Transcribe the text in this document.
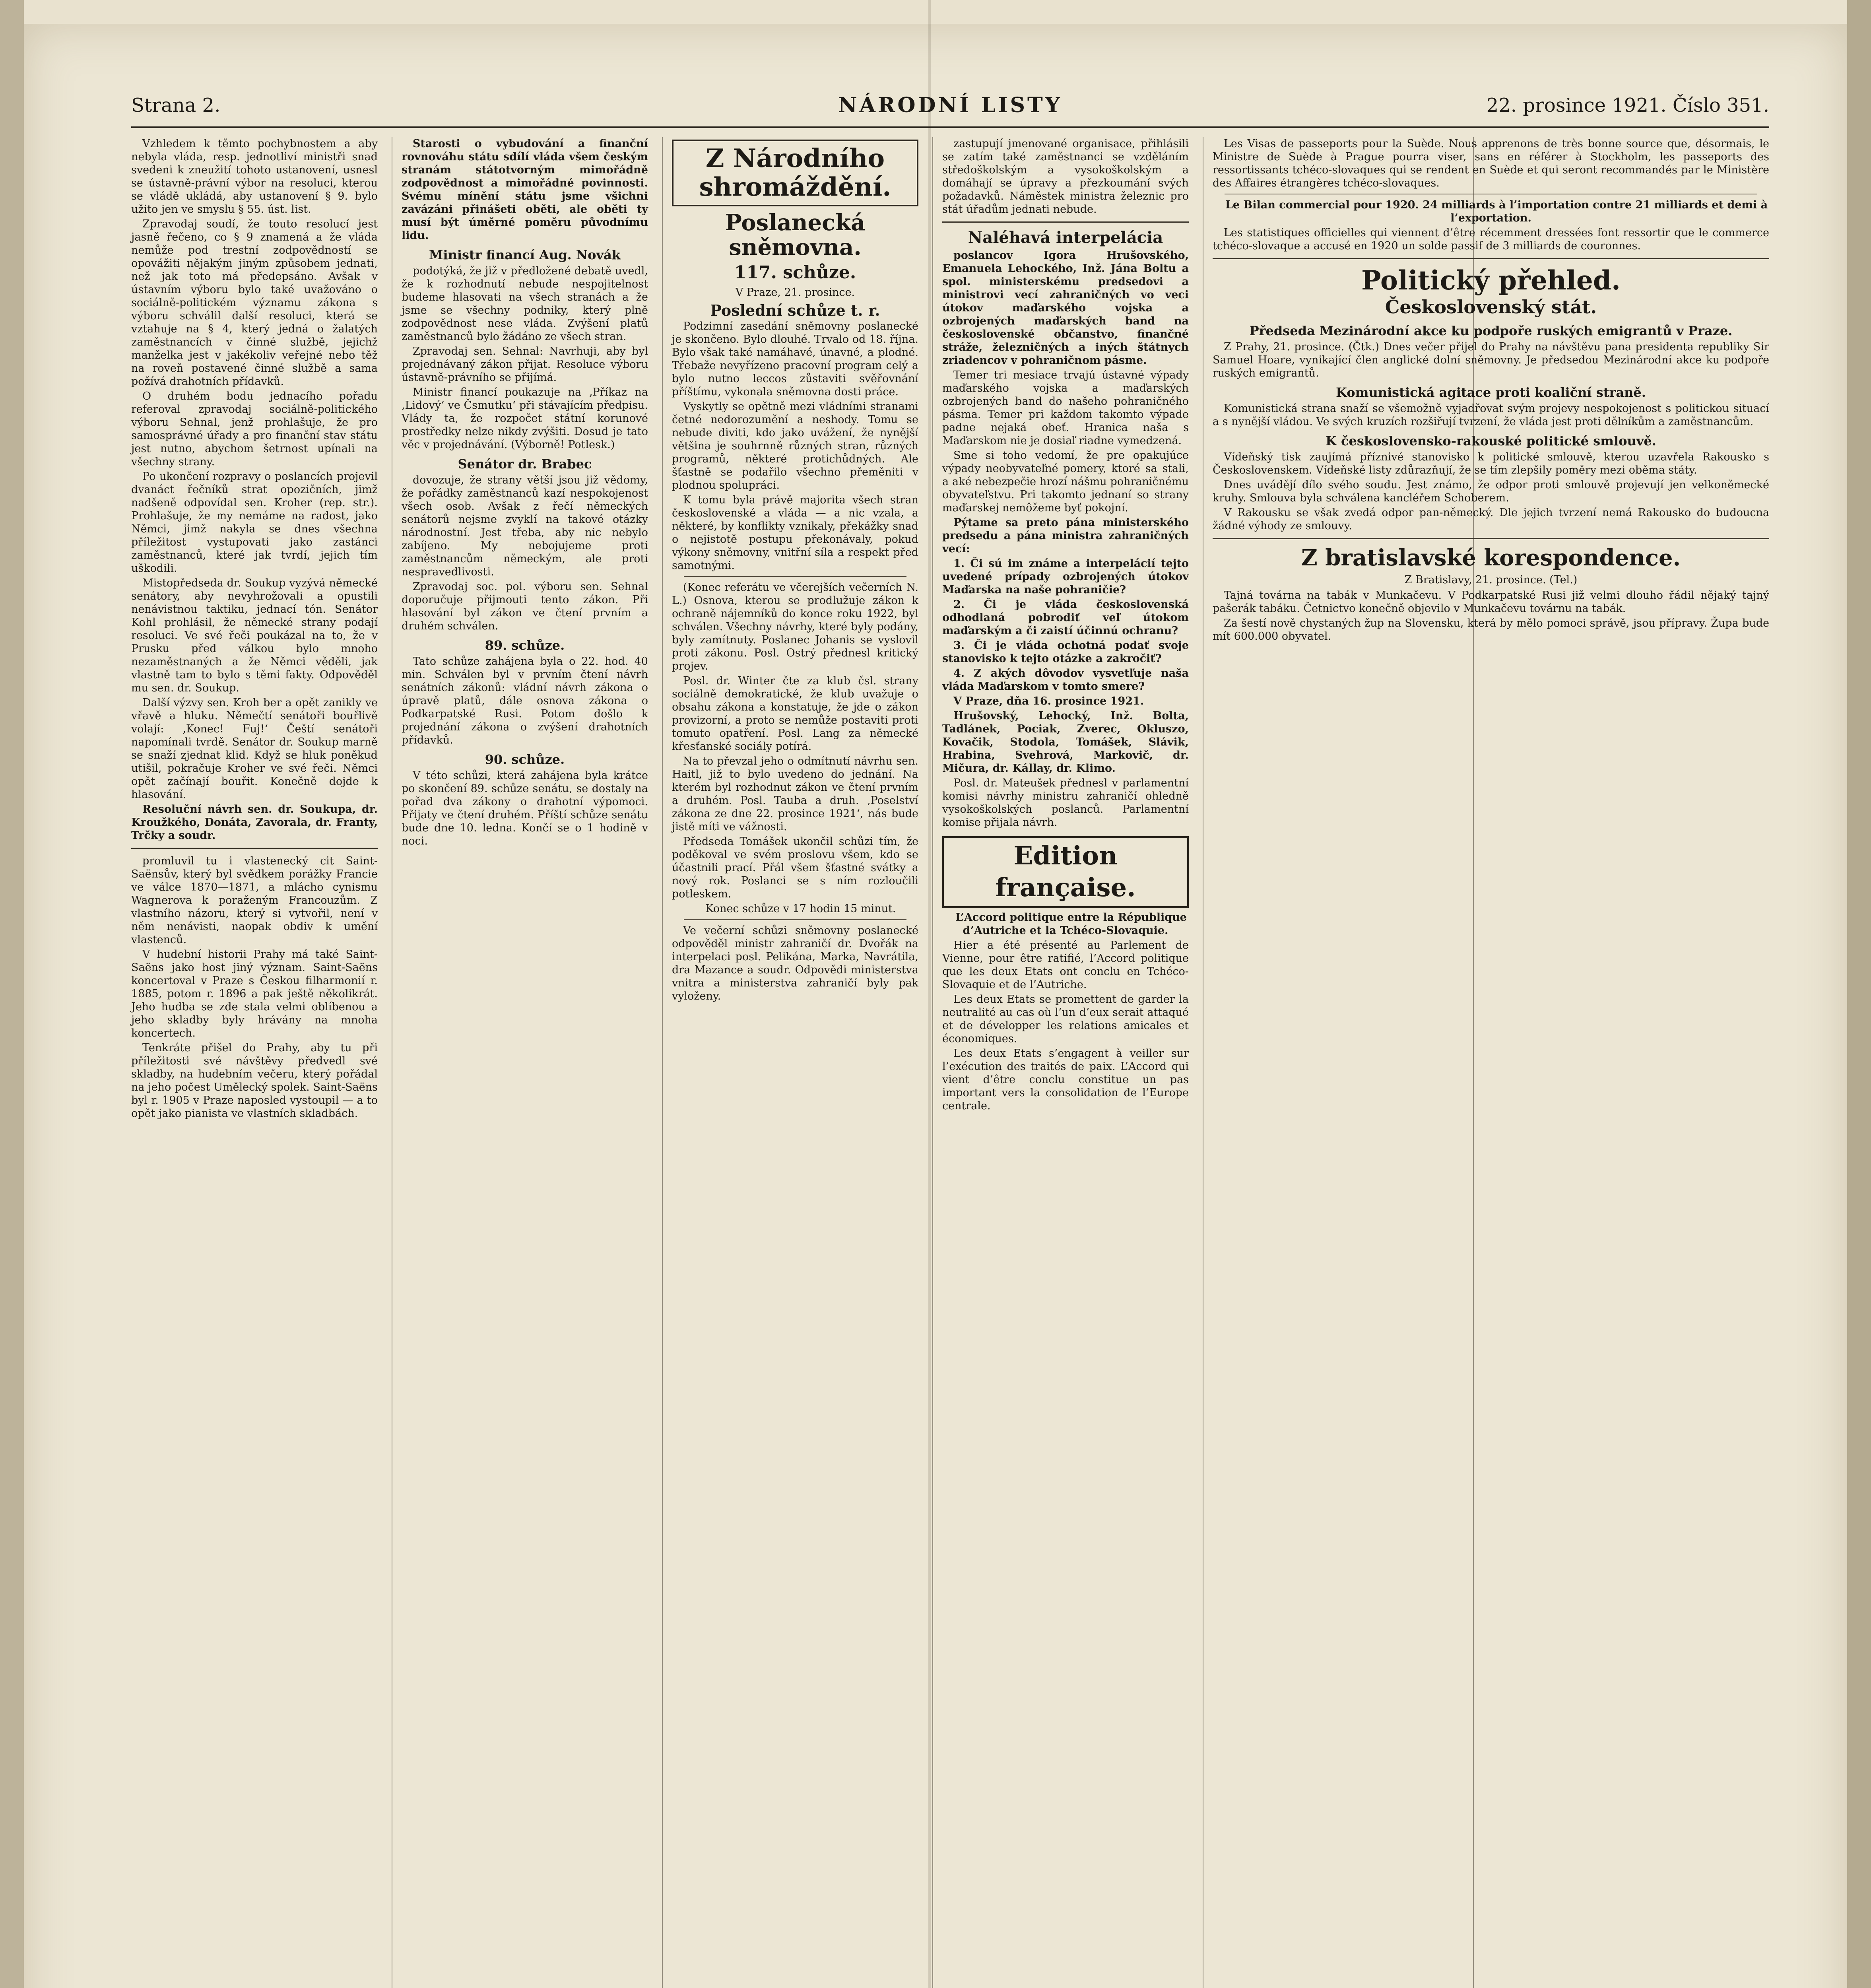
NÁRODNÍ LISTY
Strana 2.	22. prosince 1921. Číslo 351.

Vzhledem k těmto pochybnostem a aby nebyla vláda, resp. jednotliví ministři snad svedeni k zneužití tohoto ustanovení, usnesl se ústavně-právní výbor na resoluci, kterou se vládě ukládá, aby ustanovení § 9. bylo užito jen ve smyslu § 55. úst. list.

Zpravodaj soudí, že touto resolucí jest jasně řečeno, co § 9 znamená a že vláda nemůže pod trestní zodpovědností se opovážiti nějakým jiným způsobem jednati, než jak toto má předepsáno. Avšak v ústavním výboru bylo také uvažováno o sociálně-politickém významu zákona s výboru schválil další resoluci, která se vztahuje na § 4, který jedná o žalatých zaměstnancích v činné službě, jejichž manželka jest v jakékoliv veřejné nebo těž na roveň postavené činné službě a sama požívá drahotních přídavků.

O druhém bodu jednacího pořadu referoval zpravodaj sociálně-politického výboru Sehnal, jenž prohlašuje, že pro samosprávné úřady a pro finanční stav státu jest nutno, abychom šetrnost upínali na všechny strany.

Po ukončení rozpravy o poslancích projevil dvanáct řečníků strat opozičních, jimž nadšeně odpovídal sen. Kroher (rep. str.). Prohlašuje, že my nemáme na radost, jako Němci, jimž nakyla se dnes všechna příležitost vystupovati jako zastánci zaměstnanců, které jak tvrdí, jejich tím uškodili.

Mistopředseda dr. Soukup vyzývá německé senátory, aby nevyhrožovali a opustili nenávistnou taktiku, jednací tón. Senátor Kohl prohlásil, že německé strany podají resoluci. Ve své řeči poukázal na to, že v Prusku před válkou bylo mnoho nezaměstnaných a že Němci věděli, jak vlastně tam to bylo s těmi fakty. Odpověděl mu sen. dr. Soukup.

Další výzvy sen. Kroh ber a opět zanikly ve vřavě a hluku. Němečtí senátoři bouřlivě volají: ‚Konec! Fuj!‘ Čeští senátoři napomínali tvrdě. Senátor dr. Soukup marně se snaží zjednat klid. Když se hluk poněkud utišil, pokračuje Kroher ve své řeči. Němci opět začínají bouřit. Konečně dojde k hlasování.

Resoluční návrh sen. dr. Soukupa, dr. Kroužkého, Donáta, Zavorala, dr. Franty, Trčky a soudr.

promluvil tu i vlastenecký cit Saint-Saënsův, který byl svědkem porážky Francie ve válce 1870—1871, a mlácho cynismu Wagnerova k poraženým Francouzům. Z vlastního názoru, který si vytvořil, není v něm nenávisti, naopak obdiv k umění vlastenců.

V hudební historii Prahy má také Saint-Saëns jako host jiný význam. Saint-Saëns koncertoval v Praze s Českou filharmonií r. 1885, potom r. 1896 a pak ještě několikrát. Jeho hudba se zde stala velmi oblíbenou a jeho skladby byly hrávány na mnoha koncertech.

Tenkráte přišel do Prahy, aby tu při příležitosti své návštěvy předvedl své skladby, na hudebním večeru, který pořádal na jeho počest Umělecký spolek. Saint-Saëns byl r. 1905 v Praze naposled vystoupil — a to opět jako pianista ve vlastních skladbách.

Starosti o vybudování a finanční rovnováhu státu sdílí vláda všem českým stranám státotvorným mimořádně zodpovědnost a mimořádné povinnosti. Svému mínění státu jsme všichni zavázáni přinášeti oběti, ale oběti ty musí být úměrné poměru původnímu lidu.

Ministr financí Aug. Novák

podotýká, že již v předložené debatě uvedl, že k rozhodnutí nebude nespojitelnost budeme hlasovati na všech stranách a že jsme se všechny podniky, který plně zodpovědnost nese vláda. Zvýšení platů zaměstnanců bylo žádáno ze všech stran.

Zpravodaj sen. Sehnal: Navrhuji, aby byl projednávaný zákon přijat. Resoluce výboru ústavně-právního se přijímá.

Ministr financí poukazuje na ‚Příkaz na ‚Lidový‘ ve Čsmutku‘ při stávajícím předpisu. Vlády ta, že rozpočet státní korunové prostředky nelze nikdy zvýšiti. Dosud je tato věc v projednávání. (Výborně! Potlesk.)

Senátor dr. Brabec

dovozuje, že strany větší jsou již vědomy, že pořádky zaměstnanců kazí nespokojenost všech osob. Avšak z řečí německých senátorů nejsme zvyklí na takové otázky národnostní. Jest třeba, aby nic nebylo zabíjeno. My nebojujeme proti zaměstnancům německým, ale proti nespravedlivosti.

Zpravodaj soc. pol. výboru sen. Sehnal doporučuje přijmouti tento zákon. Při hlasování byl zákon ve čtení prvním a druhém schválen.

89. schůze.

Tato schůze zahájena byla o 22. hod. 40 min. Schválen byl v prvním čtení návrh senátních zákonů: vládní návrh zákona o úpravě platů, dále osnova zákona o Podkarpatské Rusi. Potom došlo k projednání zákona o zvýšení drahotních přídavků.

90. schůze.

V této schůzi, která zahájena byla krátce po skončení 89. schůze senátu, se dostaly na pořad dva zákony o drahotní výpomoci. Přijaty ve čtení druhém. Příští schůze senátu bude dne 10. ledna. Končí se o 1 hodině v noci.

Z Národního shromáždění.
Poslanecká sněmovna.
117. schůze.
V Praze, 21. prosince.
Poslední schůze t. r.

Podzimní zasedání sněmovny poslanecké je skončeno. Bylo dlouhé. Trvalo od 18. října. Bylo však také namáhavé, únavné, a plodné. Třebaže nevyřízeno pracovní program celý a bylo nutno leccos zůstaviti svěřovnání příštímu, vykonala sněmovna dosti práce.

Vyskytly se opětně mezi vládními stranami četné nedorozumění a neshody. Tomu se nebude diviti, kdo jako uvážení, že nynější většina je souhrnně různých stran, různých programů, některé protichůdných. Ale šťastně se podařilo všechno přeměniti v plodnou spolupráci.

K tomu byla právě majorita všech stran československé a vláda — a nic vzala, a některé, by konflikty vznikaly, překážky snad o nejistotě postupu překonávaly, pokud výkony sněmovny, vnitřní síla a respekt před samotnými.

(Konec referátu ve včerejších večerních N. L.) Osnova, kterou se prodlužuje zákon k ochraně nájemníků do konce roku 1922, byl schválen. Všechny návrhy, které byly podány, byly zamítnuty. Poslanec Johanis se vyslovil proti zákonu. Posl. Ostrý přednesl kritický projev.

Posl. dr. Winter čte za klub čsl. strany sociálně demokratické, že klub uvažuje o obsahu zákona a konstatuje, že jde o zákon provizorní, a proto se nemůže postaviti proti tomuto opatření. Posl. Lang za německé křesťanské sociály potírá.

Na to převzal jeho o odmítnutí návrhu sen. Haitl, již to bylo uvedeno do jednání. Na kterém byl rozhodnut zákon ve čtení prvním a druhém. Posl. Tauba a druh. ‚Poselství zákona ze dne 22. prosince 1921‘, nás bude jistě míti ve vážnosti.

Předseda Tomášek ukončil schůzi tím, že poděkoval ve svém proslovu všem, kdo se účastnili prací. Přál všem šťastné svátky a nový rok. Poslanci se s ním rozloučili potleskem.

Konec schůze v 17 hodin 15 minut.

Ve večerní schůzi sněmovny poslanecké odpověděl ministr zahraničí dr. Dvořák na interpelaci posl. Pelikána, Marka, Navrátila, dra Mazance a soudr. Odpovědi ministerstva vnitra a ministerstva zahraničí byly pak vyloženy.

zastupují jmenované organisace, přihlásili se zatím také zaměstnanci se vzděláním středoškolským a vysokoškolským a domáhají se úpravy a přezkoumání svých požadavků. Náměstek ministra železnic pro stát úřadům jednati nebude.

Naléhavá interpelácia

poslancov Igora Hrušovského, Emanuela Lehockého, Inž. Jána Boltu a spol. ministerskému predsedovi a ministrovi vecí zahraničných vo veci útokov maďarského vojska a ozbrojených maďarských band na československé občanstvo, finančné stráže, železničných a iných štátnych zriadencov v pohraničnom pásme.

Temer tri mesiace trvajú ústavné výpady maďarského vojska a maďarských ozbrojených band do našeho pohraničného pásma. Temer pri každom takomto výpade padne nejaká obeť. Hranica naša s Maďarskom nie je dosiaľ riadne vymedzená.

Sme si toho vedomí, že pre opakujúce výpady neobyvateľné pomery, ktoré sa stali, a aké nebezpečie hrozí nášmu pohraničnému obyvateľstvu. Pri takomto jednaní so strany maďarskej nemôžeme byť pokojní.

Pýtame sa preto pána ministerského predsedu a pána ministra zahraničných vecí:

1. Či sú im známe a interpelácií tejto uvedené prípady ozbrojených útokov Maďarska na naše pohraničie?

2. Či je vláda československá odhodlaná pobrodiť veľ útokom maďarským a či zaistí účinnú ochranu?

3. Či je vláda ochotná podať svoje stanovisko k tejto otázke a zakročiť?

4. Z akých dôvodov vysvetľuje naša vláda Maďarskom v tomto smere?

V Praze, dňa 16. prosince 1921.

Hrušovský, Lehocký, Inž. Bolta, Tadlánek, Pociak, Zverec, Okluszo, Kovačik, Stodola, Tomášek, Slávik, Hrabina, Svehrová, Markovič, dr. Mičura, dr. Kállay, dr. Klimo.

Posl. dr. Mateušek přednesl v parlamentní komisi návrhy ministru zahraničí ohledně vysokoškolských poslanců. Parlamentní komise přijala návrh.

Edition française.

L’Accord politique entre la République d’Autriche et la Tchéco-Slovaquie.

Hier a été présenté au Parlement de Vienne, pour être ratifié, l’Accord politique que les deux Etats ont conclu en Tchéco-Slovaquie et de l’Autriche.

Les deux Etats se promettent de garder la neutralité au cas où l’un d’eux serait attaqué et de développer les relations amicales et économiques.

Les deux Etats s’engagent à veiller sur l’exécution des traités de paix. L’Accord qui vient d’être conclu constitue un pas important vers la consolidation de l’Europe centrale.

Les Visas de passeports pour la Suède. Nous apprenons de très bonne source que, désormais, le Ministre de Suède à Prague pourra viser, sans en référer à Stockholm, les passeports des ressortissants tchéco-slovaques qui se rendent en Suède et qui seront recommandés par le Ministère des Affaires étrangères tchéco-slovaques.

Le Bilan commercial pour 1920. 24 milliards à l’importation contre 21 milliards et demi à l’exportation.

Les statistiques officielles qui viennent d’être récemment dressées font ressortir que le commerce tchéco-slovaque a accusé en 1920 un solde passif de 3 milliards de couronnes.

Politický přehled.
Československý stát.
Předseda Mezinárodní akce ku podpoře ruských emigrantů v Praze.

Z Prahy, 21. prosince. (Čtk.) Dnes večer přijel do Prahy na návštěvu pana presidenta republiky Sir Samuel Hoare, vynikající člen anglické dolní sněmovny. Je předsedou Mezinárodní akce ku podpoře ruských emigrantů.

Komunistická agitace proti koaliční straně.

Komunistická strana snaží se všemožně vyjadřovat svým projevy nespokojenost s politickou situací a s nynější vládou. Ve svých kruzích rozšiřují tvrzení, že vláda jest proti dělníkům a zaměstnancům.

K československo-rakouské politické smlouvě.

Vídeňský tisk zaujímá příznivé stanovisko k politické smlouvě, kterou uzavřela Rakousko s Československem. Vídeňské listy zdůrazňují, že se tím zlepšily poměry mezi oběma státy.

Dnes uvádějí dílo svého soudu. Jest známo, že odpor proti smlouvě projevují jen velkoněmecké kruhy. Smlouva byla schválena kancléřem Schoberem.

V Rakousku se však zvedá odpor pan-německý. Dle jejich tvrzení nemá Rakousko do budoucna žádné výhody ze smlouvy.

Z bratislavské korespondence.
Z Bratislavy, 21. prosince. (Tel.)

Tajná továrna na tabák v Munkačevu. V Podkarpatské Rusi již velmi dlouho řádil nějaký tajný pašerák tabáku. Četnictvo konečně objevilo v Munkačevu továrnu na tabák.

Za šestí nově chystaných žup na Slovensku, která by mělo pomoci správě, jsou přípravy. Župa bude mít 600.000 obyvatel.
